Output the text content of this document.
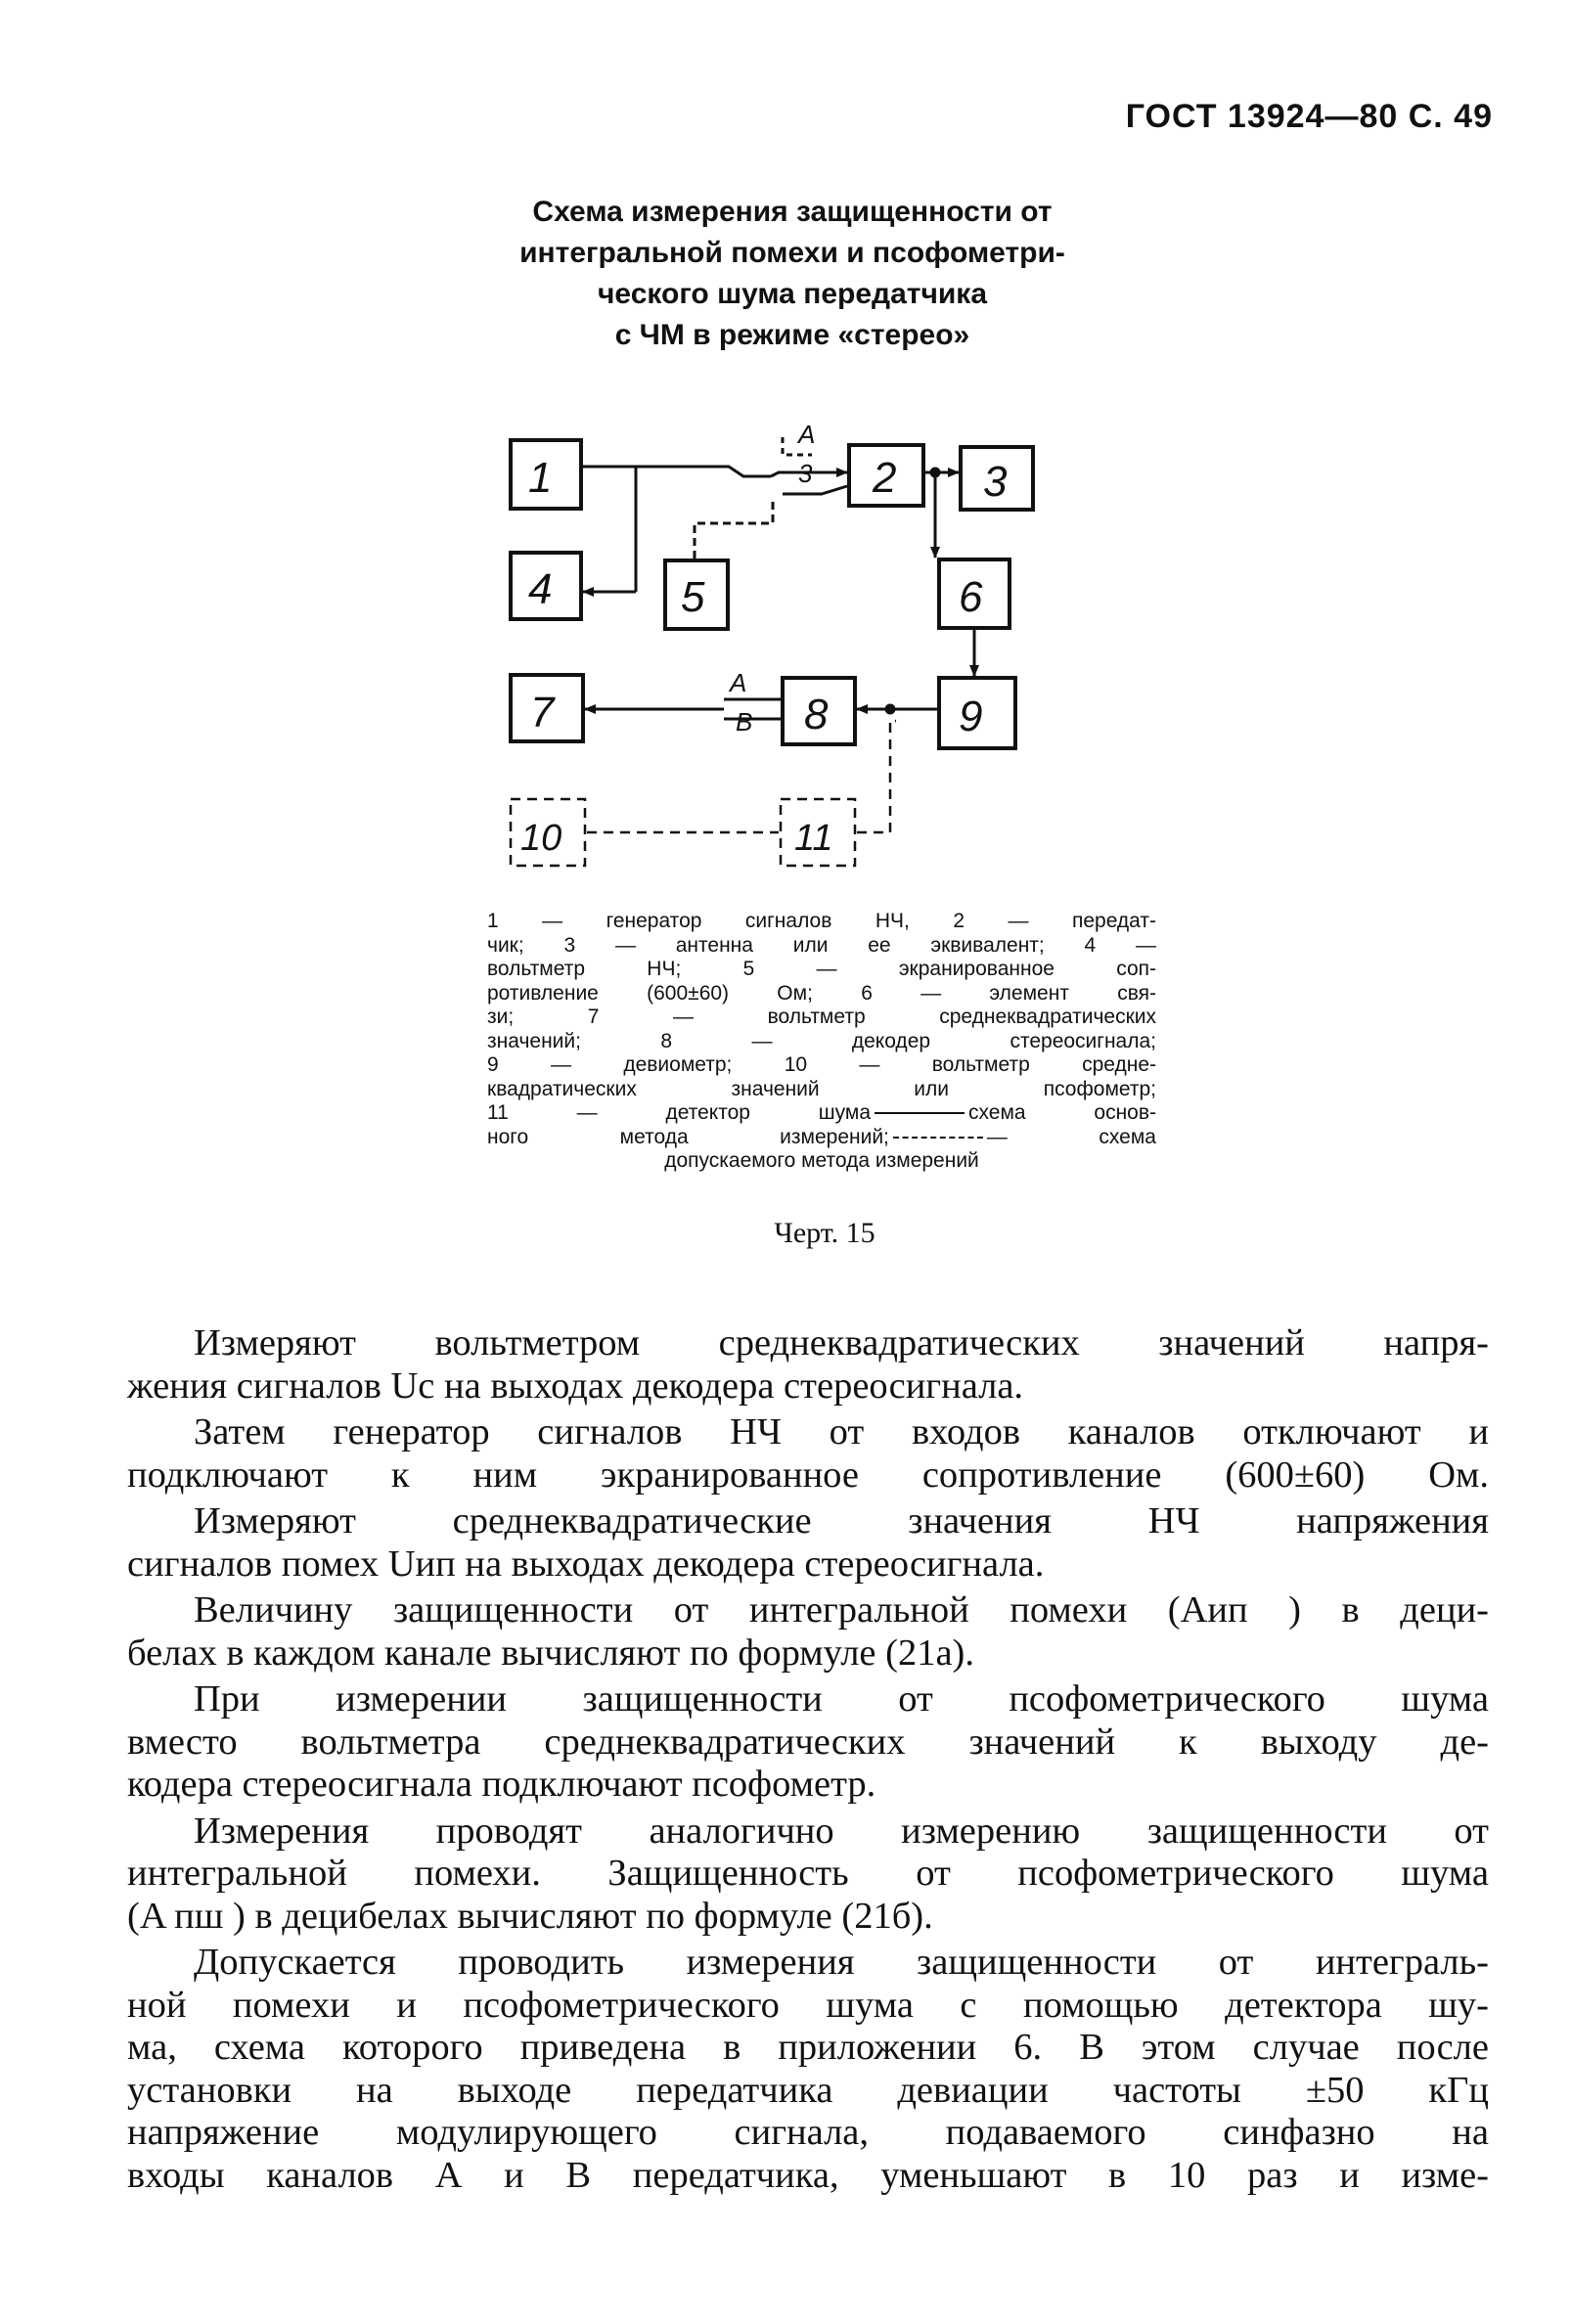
ГОСТ 13924—80 С. 49
Схема измерения защищенности от
интегральной помехи и псофометри-
ческого шума передатчика
с ЧМ в режиме «стерео»
1	2 3
4	5	6
7	8	9
10	11
A
3
A
B
1 — генератор сигналов НЧ, 2 — передат-
чик; 3 — антенна или ее эквивалент; 4 —
вольтметр НЧ; 5 — экранированное соп-
ротивление (600±60) Ом; 6 — элемент свя-
зи; 7 — вольтметр среднеквадратических
значений; 8 — декодер стереосигнала;
9 — девиометр; 10 — вольтметр средне-
квадратических значений или псофометр;
11 — детектор шума	схема основ-
ного метода измерений;	— схема
допускаемого метода измерений
Черт. 15
Измеряют вольтметром среднеквадратических значений напря-
жения сигналов Uс на выходах декодера стереосигнала.
Затем генератор сигналов НЧ от входов каналов отключают и
подключают к ним экранированное сопротивление (600±60) Ом.
Измеряют среднеквадратические значения НЧ напряжения
сигналов помех Uип на выходах декодера стереосигнала.
Величину защищенности от интегральной помехи (Aип ) в деци-
белах в каждом канале вычисляют по формуле (21а).
При измерении защищенности от псофометрического шума
вместо вольтметра среднеквадратических значений к выходу де-
кодера стереосигнала подключают псофометр.
Измерения проводят аналогично измерению защищенности от
интегральной помехи. Защищенность от псофометрического шума
(A пш ) в децибелах вычисляют по формуле (21б).
Допускается проводить измерения защищенности от интеграль-
ной помехи и псофометрического шума с помощью детектора шу-
ма, схема которого приведена в приложении 6. В этом случае после
установки на выходе передатчика девиации частоты ±50 кГц
напряжение модулирующего сигнала, подаваемого синфазно на
входы каналов А и В передатчика, уменьшают в 10 раз и изме-
